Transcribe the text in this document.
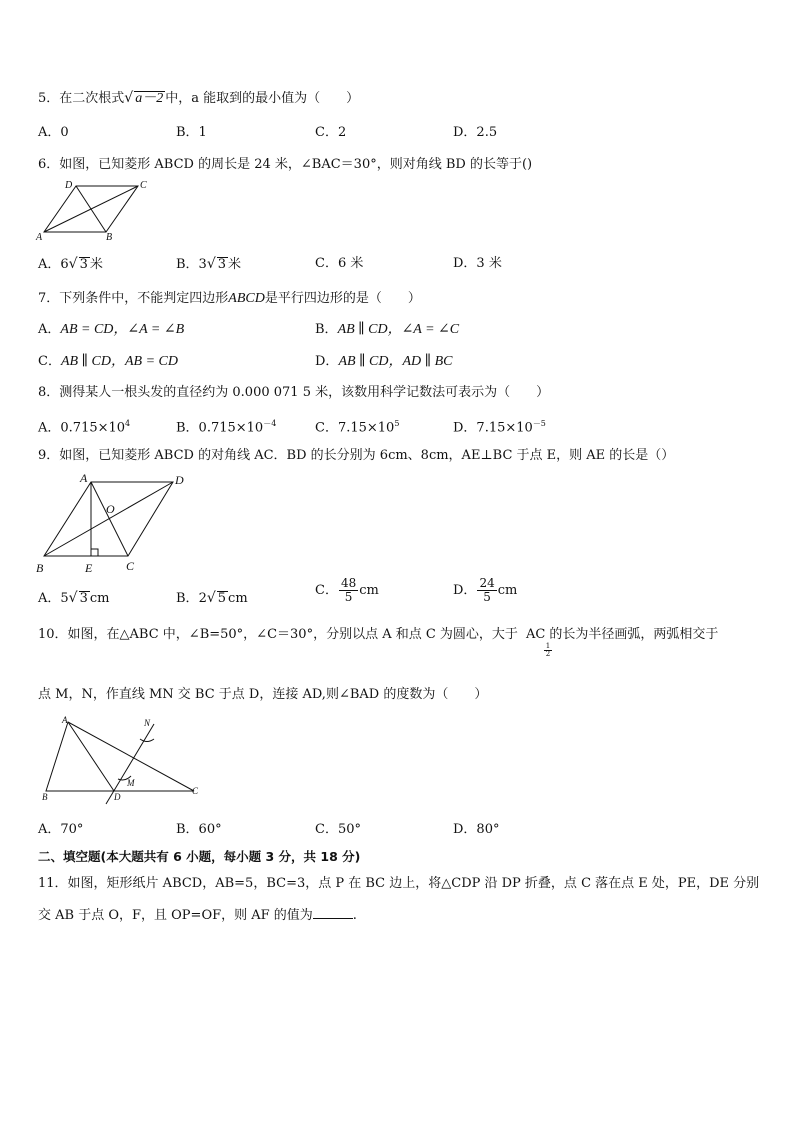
5．在二次根式√ a－2 中，a 能取到的最小值为（　　）
A．0	B．1	C．2	D．2.5
6．如图，已知菱形 ABCD 的周长是 24 米，∠BAC＝30°，则对角线 BD 的长等于()
A	B
C
D
A．6√ 3 米	B．3√ 3 米	C．6 米	D．3 米
7．下列条件中，不能判定四边形ABCD是平行四边形的是（　　）
A．AB = CD，∠A = ∠B	B．AB ∥ CD，∠A = ∠C
C．AB ∥ CD，AB = CD	D．AB ∥ CD，AD ∥ BC
8．测得某人一根头发的直径约为 0.000 071 5 米，该数用科学记数法可表示为（　　）
A．$0.715\times 10^4$	B．$0.715\times 10^{-4}$	C．$7.15\times 10^5$	D．$7.15\times 10^{-5}$
9．如图，已知菱形 ABCD 的对角线 AC．BD 的长分别为 6cm、8cm，AE⊥BC 于点 E，则 AE 的长是（）
A
B	C
D
E
O
A．5√ 3 cm	B．2√ 5 cm
C． $\frac{48}{5}$ cm	D． $\frac{24}{5}$ cm
10．如图，在△ABC 中，∠B=50°，∠C＝30°，分别以点 A 和点 C 为圆心，大于 AC 的长为半径画弧，两弧相交于
$\frac{1}{2}$
点 M，N，作直线 MN 交 BC 于点 D，连接 AD,则∠BAD 的度数为（　　）
A
B
C
D
M
N
A．70°	B．60°	C．50°	D．80°
二、填空题(本大题共有 6 小题，每小题 3 分，共 18 分)
11．如图，矩形纸片 ABCD，AB=5，BC=3，点 P 在 BC 边上，将△CDP 沿 DP 折叠，点 C 落在点 E 处，PE，DE 分别
交 AB 于点 O，F，且 OP=OF，则 AF 的值为	.
